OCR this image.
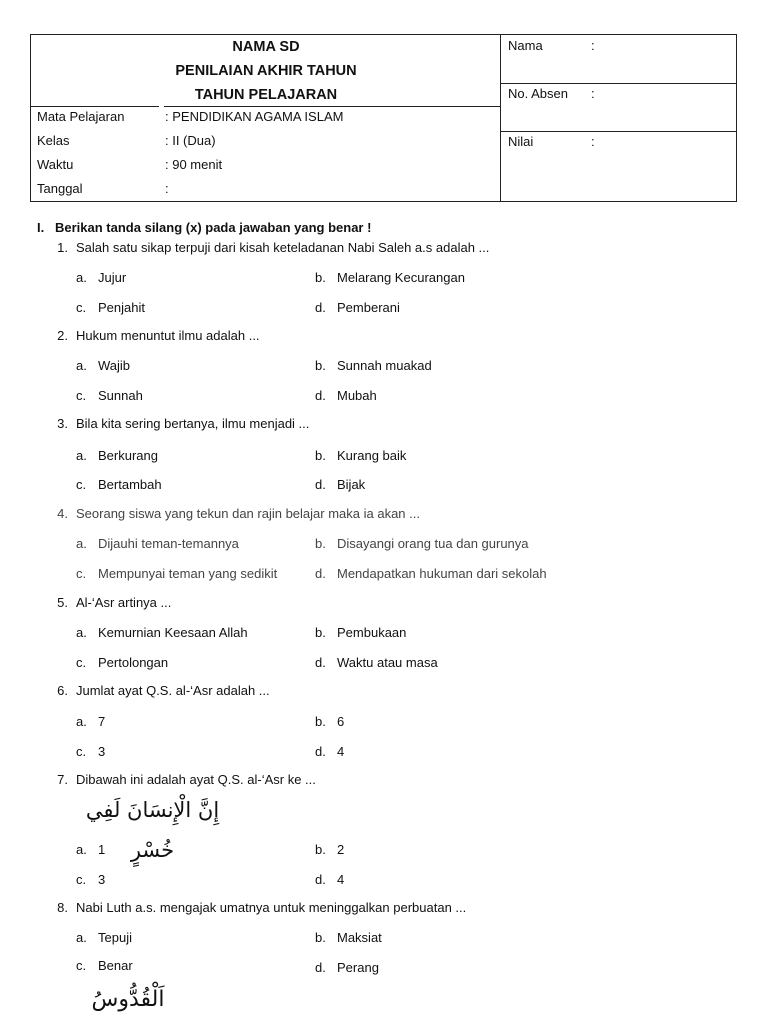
NAMA SD
PENILAIAN AKHIR TAHUN
TAHUN PELAJARAN
Mata Pelajaran	: PENDIDIKAN AGAMA ISLAM
Kelas	: II (Dua)
Waktu	: 90 menit
Tanggal	:
Nama	:
No. Absen :
Nilai	:
I. Berikan tanda silang (x) pada jawaban yang benar !
1. Salah satu sikap terpuji dari kisah keteladanan Nabi Saleh a.s adalah ...
a. Jujur	b. Melarang Kecurangan
c. Penjahit	d. Pemberani
2. Hukum menuntut ilmu adalah ...
a. Wajib	b. Sunnah muakad
c. Sunnah	d. Mubah
3. Bila kita sering bertanya, ilmu menjadi ...
a. Berkurang	b. Kurang baik
c. Bertambah	d. Bijak
4. Seorang siswa yang tekun dan rajin belajar maka ia akan ...
a. Dijauhi teman-temannya	b. Disayangi orang tua dan gurunya
c. Mempunyai teman yang sedikit	d. Mendapatkan hukuman dari sekolah
5. Al-‘Asr artinya ...
a. Kemurnian Keesaan Allah	b. Pembukaan
c. Pertolongan	d. Waktu atau masa
6. Jumlat ayat Q.S. al-‘Asr adalah ...
a. 7	b. 6
c. 3	d. 4
7. Dibawah ini adalah ayat Q.S. al-‘Asr ke ...
إِنَّ الْإِنسَانَ لَفِي خُسْرٍ
a. 1	b. 2
c. 3	d. 4
8. Nabi Luth a.s. mengajak umatnya untuk meninggalkan perbuatan ...
a. Tepuji	b. Maksiat
c. Benar	d. Perang
اَلْقُدُّوسُ
